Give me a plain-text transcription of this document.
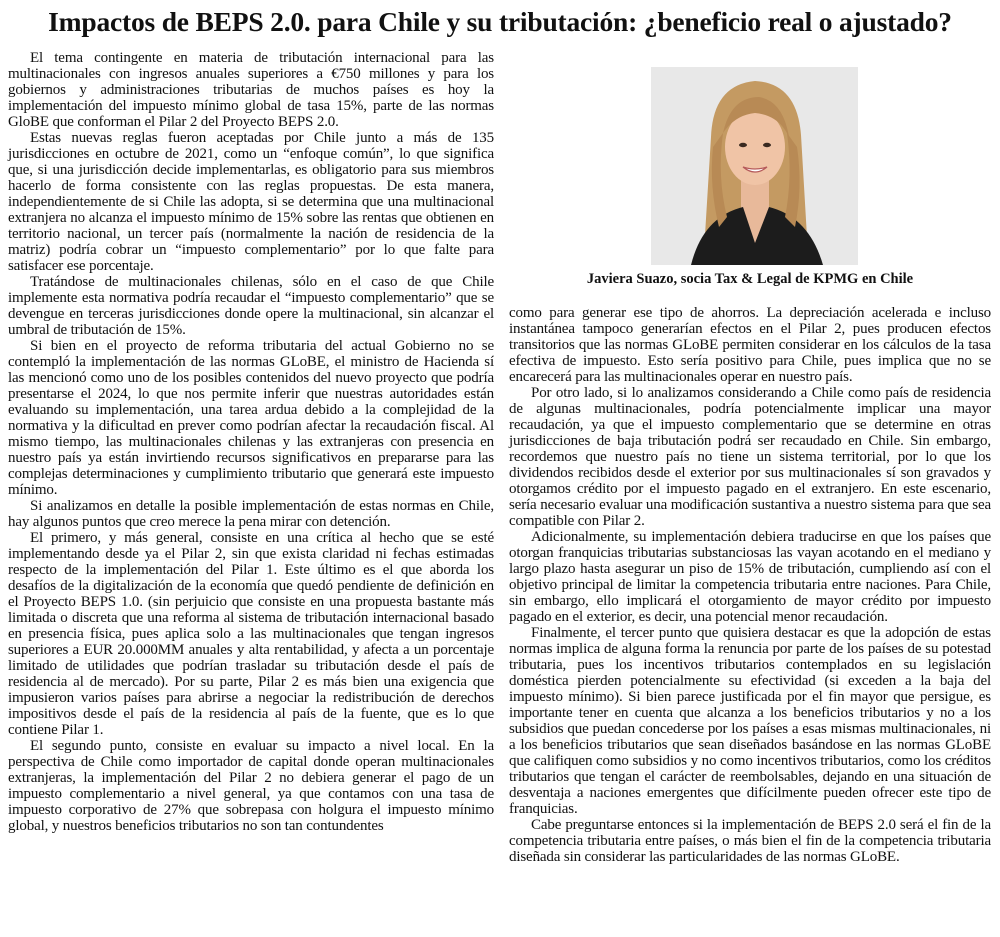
Impactos de BEPS 2.0. para Chile y su tributación: ¿beneficio real o ajustado?

El tema contingente en materia de tributación internacional para las multinacionales con ingresos anuales superiores a €750 millones y para los gobiernos y administraciones tributarias de muchos países es hoy la implementación del impuesto mínimo global de tasa 15%, parte de las normas GloBE que conforman el Pilar 2 del Proyecto BEPS 2.0.

Estas nuevas reglas fueron aceptadas por Chile junto a más de 135 jurisdicciones en octubre de 2021, como un “enfoque común”, lo que significa que, si una jurisdicción decide implementarlas, es obligatorio para sus miembros hacerlo de forma consistente con las reglas propuestas. De esta manera, independientemente de si Chile las adopta, si se determina que una multinacional extranjera no alcanza el impuesto mínimo de 15% sobre las rentas que obtienen en territorio nacional, un tercer país (normalmente la nación de residencia de la matriz) podría cobrar un “impuesto complementario” por lo que falte para satisfacer ese porcentaje.

Tratándose de multinacionales chilenas, sólo en el caso de que Chile implemente esta normativa podría recaudar el “impuesto complementario” que se devengue en terceras jurisdicciones donde opere la multinacional, sin alcanzar el umbral de tributación de 15%.

Si bien en el proyecto de reforma tributaria del actual Gobierno no se contempló la implementación de las normas GLoBE, el ministro de Hacienda sí las mencionó como uno de los posibles contenidos del nuevo proyecto que podría presentarse el 2024, lo que nos permite inferir que nuestras autoridades están evaluando su implementación, una tarea ardua debido a la complejidad de la normativa y la dificultad en prever como podrían afectar la recaudación fiscal. Al mismo tiempo, las multinacionales chilenas y las extranjeras con presencia en nuestro país ya están invirtiendo recursos significativos en prepararse para las complejas determinaciones y cumplimiento tributario que generará este impuesto mínimo.

Si analizamos en detalle la posible implementación de estas normas en Chile, hay algunos puntos que creo merece la pena mirar con detención.

El primero, y más general, consiste en una crítica al hecho que se esté implementando desde ya el Pilar 2, sin que exista claridad ni fechas estimadas respecto de la implementación del Pilar 1. Este último es el que aborda los desafíos de la digitalización de la economía que quedó pendiente de definición en el Proyecto BEPS 1.0. (sin perjuicio que consiste en una propuesta bastante más limitada o discreta que una reforma al sistema de tributación internacional basado en presencia física, pues aplica solo a las multinacionales que tengan ingresos superiores a EUR 20.000MM anuales y alta rentabilidad, y afecta a un porcentaje limitado de utilidades que podrían trasladar su tributación desde el país de residencia al de mercado). Por su parte, Pilar 2 es más bien una exigencia que impusieron varios países para abrirse a negociar la redistribución de derechos impositivos desde el país de la residencia al país de la fuente, que es lo que contiene Pilar 1.

El segundo punto, consiste en evaluar su impacto a nivel local. En la perspectiva de Chile como importador de capital donde operan multinacionales extranjeras, la implementación del Pilar 2 no debiera generar el pago de un impuesto complementario a nivel general, ya que contamos con una tasa de impuesto corporativo de 27% que sobrepasa con holgura el impuesto mínimo global, y nuestros beneficios tributarios no son tan contundentes

Javiera Suazo, socia Tax & Legal de KPMG en Chile

como para generar ese tipo de ahorros. La depreciación acelerada e incluso instantánea tampoco generarían efectos en el Pilar 2, pues producen efectos transitorios que las normas GLoBE permiten considerar en los cálculos de la tasa efectiva de impuesto. Esto sería positivo para Chile, pues implica que no se encarecerá para las multinacionales operar en nuestro país.

Por otro lado, si lo analizamos considerando a Chile como país de residencia de algunas multinacionales, podría potencialmente implicar una mayor recaudación, ya que el impuesto complementario que se determine en otras jurisdicciones de baja tributación podrá ser recaudado en Chile. Sin embargo, recordemos que nuestro país no tiene un sistema territorial, por lo que los dividendos recibidos desde el exterior por sus multinacionales sí son gravados y otorgamos crédito por el impuesto pagado en el extranjero. En este escenario, sería necesario evaluar una modificación sustantiva a nuestro sistema para que sea compatible con Pilar 2.

Adicionalmente, su implementación debiera traducirse en que los países que otorgan franquicias tributarias substanciosas las vayan acotando en el mediano y largo plazo hasta asegurar un piso de 15% de tributación, cumpliendo así con el objetivo principal de limitar la competencia tributaria entre naciones. Para Chile, sin embargo, ello implicará el otorgamiento de mayor crédito por impuesto pagado en el exterior, es decir, una potencial menor recaudación.

Finalmente, el tercer punto que quisiera destacar es que la adopción de estas normas implica de alguna forma la renuncia por parte de los países de su potestad tributaria, pues los incentivos tributarios contemplados en su legislación doméstica pierden potencialmente su efectividad (si exceden a la baja del impuesto mínimo). Si bien parece justificada por el fin mayor que persigue, es importante tener en cuenta que alcanza a los beneficios tributarios y no a los subsidios que puedan concederse por los países a esas mismas multinacionales, ni a los beneficios tributarios que sean diseñados basándose en las normas GLoBE que califiquen como subsidios y no como incentivos tributarios, como los créditos tributarios que tengan el carácter de reembolsables, dejando en una situación de desventaja a naciones emergentes que difícilmente pueden ofrecer este tipo de franquicias.

Cabe preguntarse entonces si la implementación de BEPS 2.0 será el fin de la competencia tributaria entre países, o más bien el fin de la competencia tributaria diseñada sin considerar las particularidades de las normas GLoBE.
